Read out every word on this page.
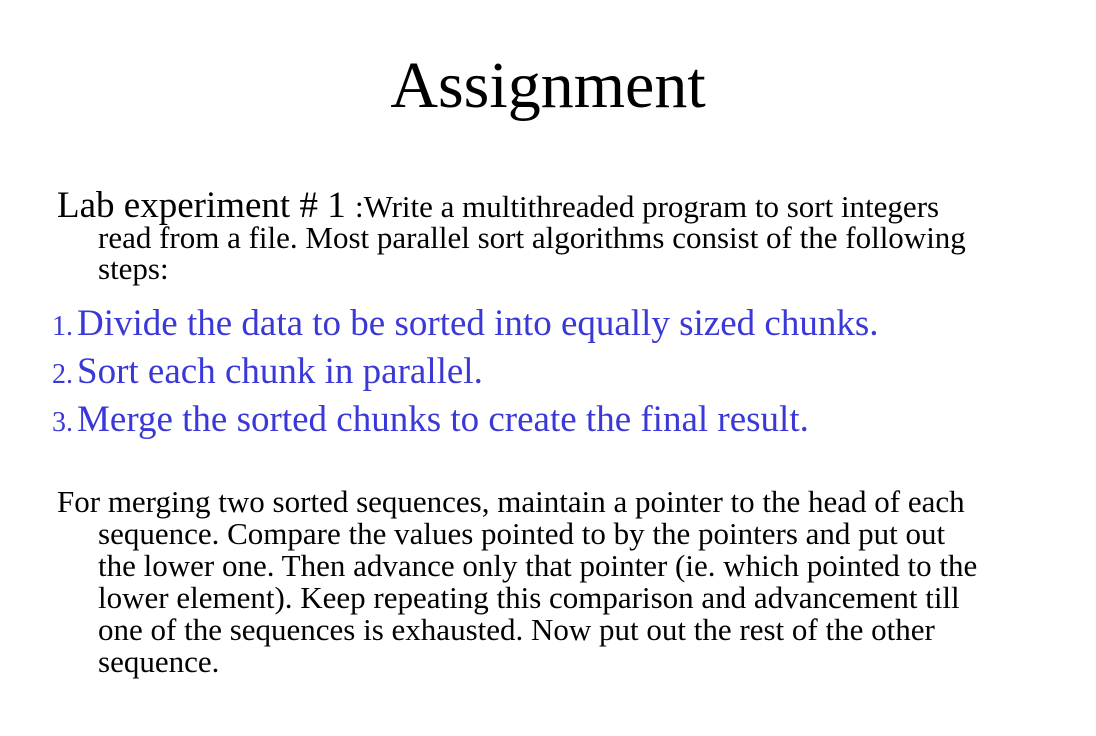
Assignment
Lab experiment # 1 :Write a multithreaded program to sort integers
read from a file. Most parallel sort algorithms consist of the following
steps:
1. Divide the data to be sorted into equally sized chunks.
2. Sort each chunk in parallel.
3. Merge the sorted chunks to create the final result.
For merging two sorted sequences, maintain a pointer to the head of each
sequence. Compare the values pointed to by the pointers and put out
the lower one. Then advance only that pointer (ie. which pointed to the
lower element). Keep repeating this comparison and advancement till
one of the sequences is exhausted. Now put out the rest of the other
sequence.
